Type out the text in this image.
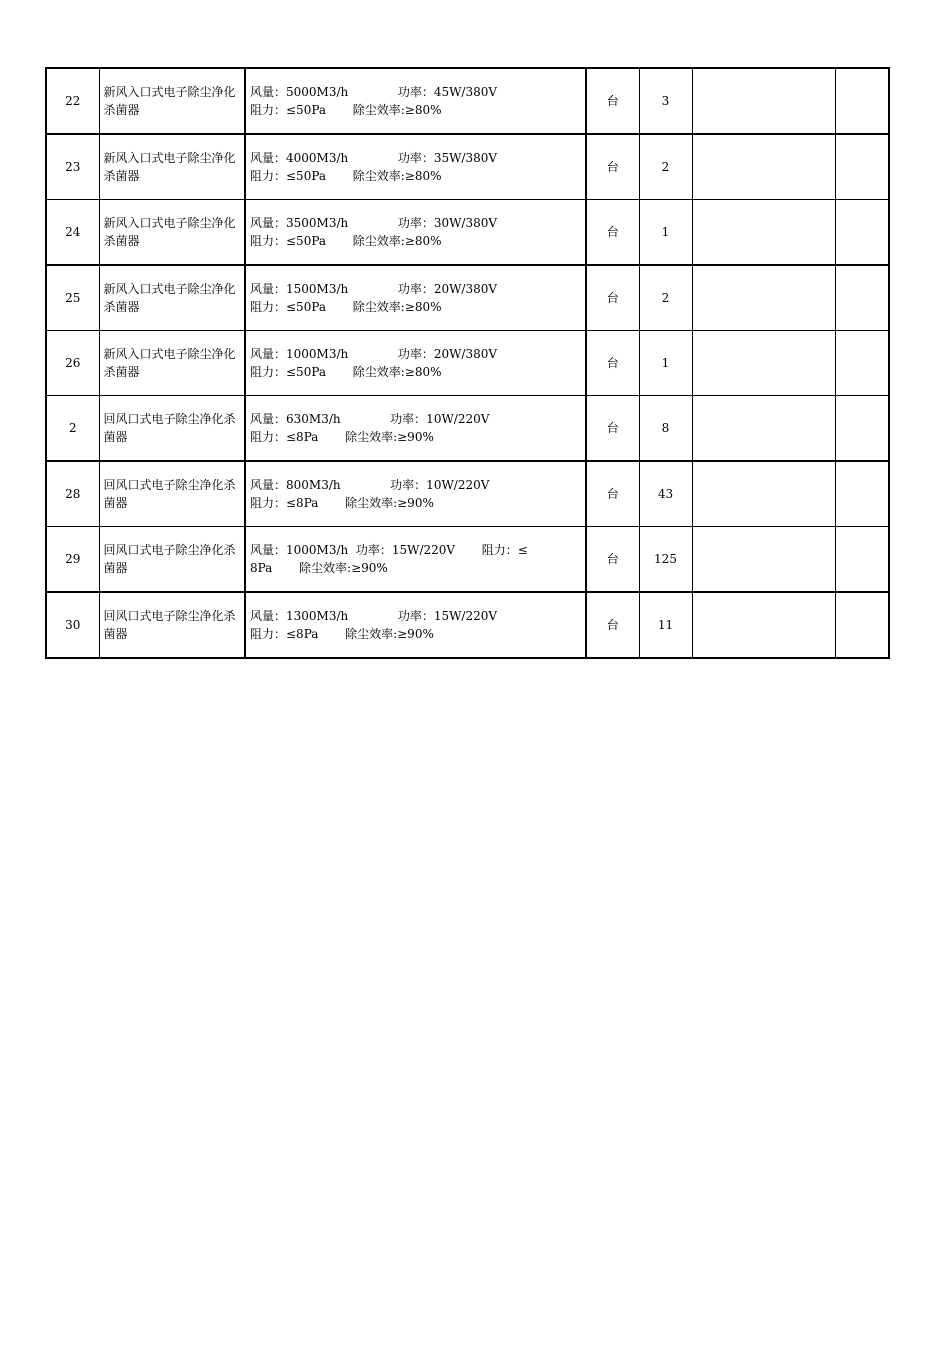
22	新风入口式电子除尘净化杀菌器	风量：5000M3/h             功率：45W/380V
阻力：≤50Pa       除尘效率:≥80%	台	3		
23	新风入口式电子除尘净化杀菌器	风量：4000M3/h             功率：35W/380V
阻力：≤50Pa       除尘效率:≥80%	台	2		
24	新风入口式电子除尘净化杀菌器	风量：3500M3/h             功率：30W/380V
阻力：≤50Pa       除尘效率:≥80%	台	1		
25	新风入口式电子除尘净化杀菌器	风量：1500M3/h             功率：20W/380V
阻力：≤50Pa       除尘效率:≥80%	台	2		
26	新风入口式电子除尘净化杀菌器	风量：1000M3/h             功率：20W/380V
阻力：≤50Pa       除尘效率:≥80%	台	1		
2	回风口式电子除尘净化杀菌器	风量：630M3/h             功率：10W/220V
阻力：≤8Pa       除尘效率:≥90%	台	8		
28	回风口式电子除尘净化杀菌器	风量：800M3/h             功率：10W/220V
阻力：≤8Pa       除尘效率:≥90%	台	43		
29	回风口式电子除尘净化杀菌器	风量：1000M3/h  功率：15W/220V       阻力：≤
8Pa       除尘效率:≥90%	台	125		
30	回风口式电子除尘净化杀菌器	风量：1300M3/h             功率：15W/220V
阻力：≤8Pa       除尘效率:≥90%	台	11		
